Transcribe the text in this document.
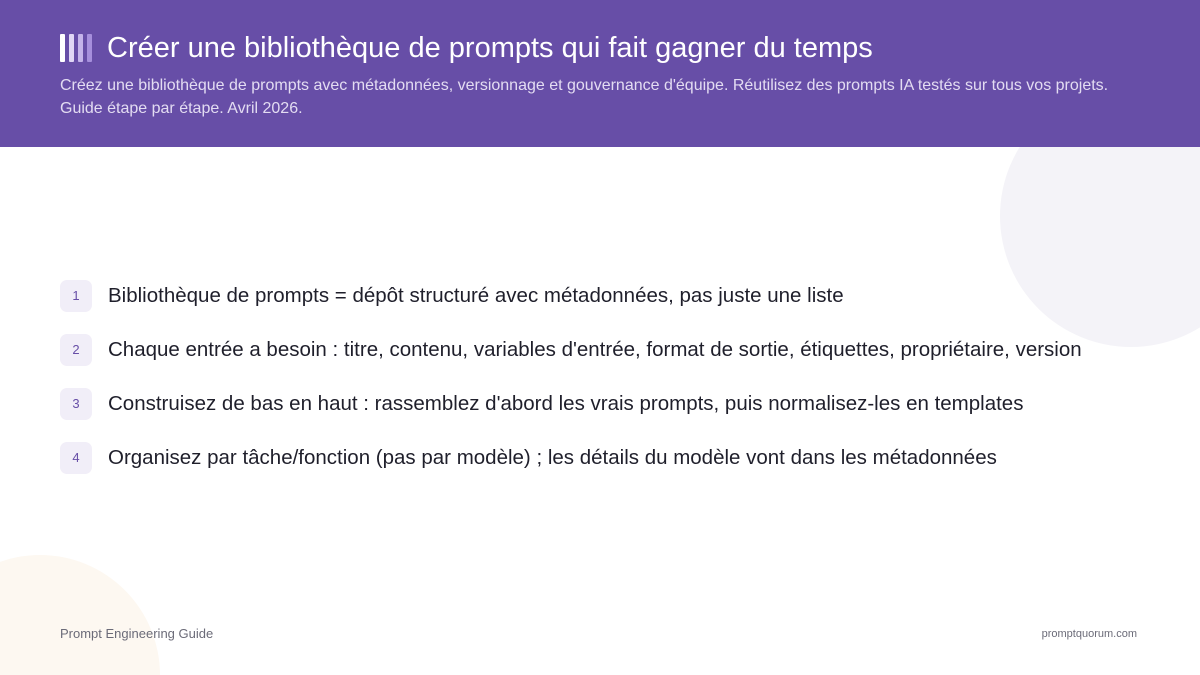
Créer une bibliothèque de prompts qui fait gagner du temps
Créez une bibliothèque de prompts avec métadonnées, versionnage et gouvernance d'équipe. Réutilisez des prompts IA testés sur tous vos projets. Guide étape par étape. Avril 2026.
1	Bibliothèque de prompts = dépôt structuré avec métadonnées, pas juste une liste
2	Chaque entrée a besoin : titre, contenu, variables d'entrée, format de sortie, étiquettes, propriétaire, version
3	Construisez de bas en haut : rassemblez d'abord les vrais prompts, puis normalisez-les en templates
4	Organisez par tâche/fonction (pas par modèle) ; les détails du modèle vont dans les métadonnées
Prompt Engineering Guide	promptquorum.com
